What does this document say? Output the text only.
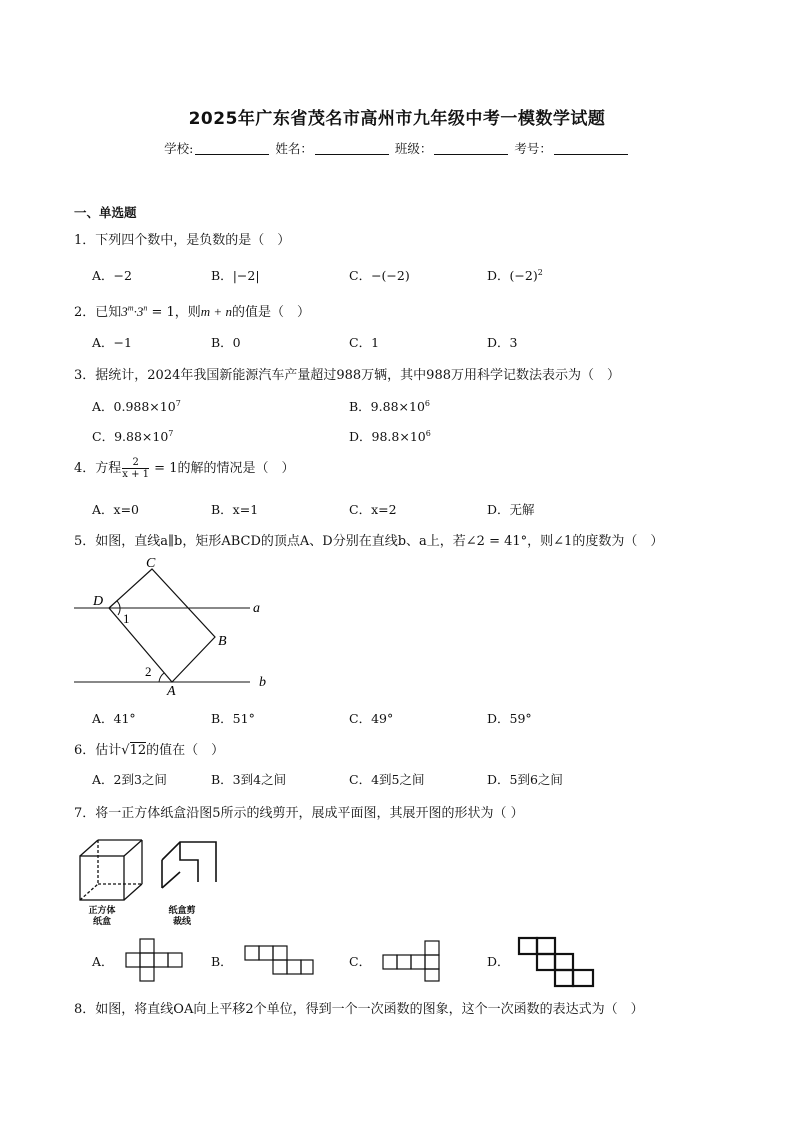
2025年广东省茂名市高州市九年级中考一模数学试题
学校:	姓名：	班级：	考号：
一、单选题
1．下列四个数中，是负数的是（　）
A．−2	B．|−2|	C．−(−2)	D．$(-2)^2$
2．已知$3^m\cdot 3^n = 1$，则m + n的值是（　）
A．−1	B．0	C．1	D．3
3．据统计，2024年我国新能源汽车产量超过988万辆，其中988万用科学记数法表示为（　）
A．$0.988\times 10^7$	B．$9.88\times 10^6$
C．$9.88\times 10^7$	D．$98.8\times 10^6$
4．方程 $\frac{2}{x + 1} = 1$的解的情况是（　）
A．x=0	B．x=1	C．x=2	D．无解
5．如图，直线a∥b，矩形ABCD的顶点A、D分别在直线b、a上，若∠2 = 41°，则∠1的度数为（　）
C
D
B
A
a
b
1
2
A．41°	B．51°	C．49°	D．59°
6．估计√12的值在（　）
A．2到3之间	B．3到4之间	C．4到5之间	D．5到6之间
7．将一正方体纸盒沿图5所示的线剪开，展成平面图，其展开图的形状为（ ）
正方体
纸盒
纸盒剪
裁线
A．	B．	C．	D．
8．如图，将直线OA向上平移2个单位，得到一个一次函数的图象，这个一次函数的表达式为（　）
